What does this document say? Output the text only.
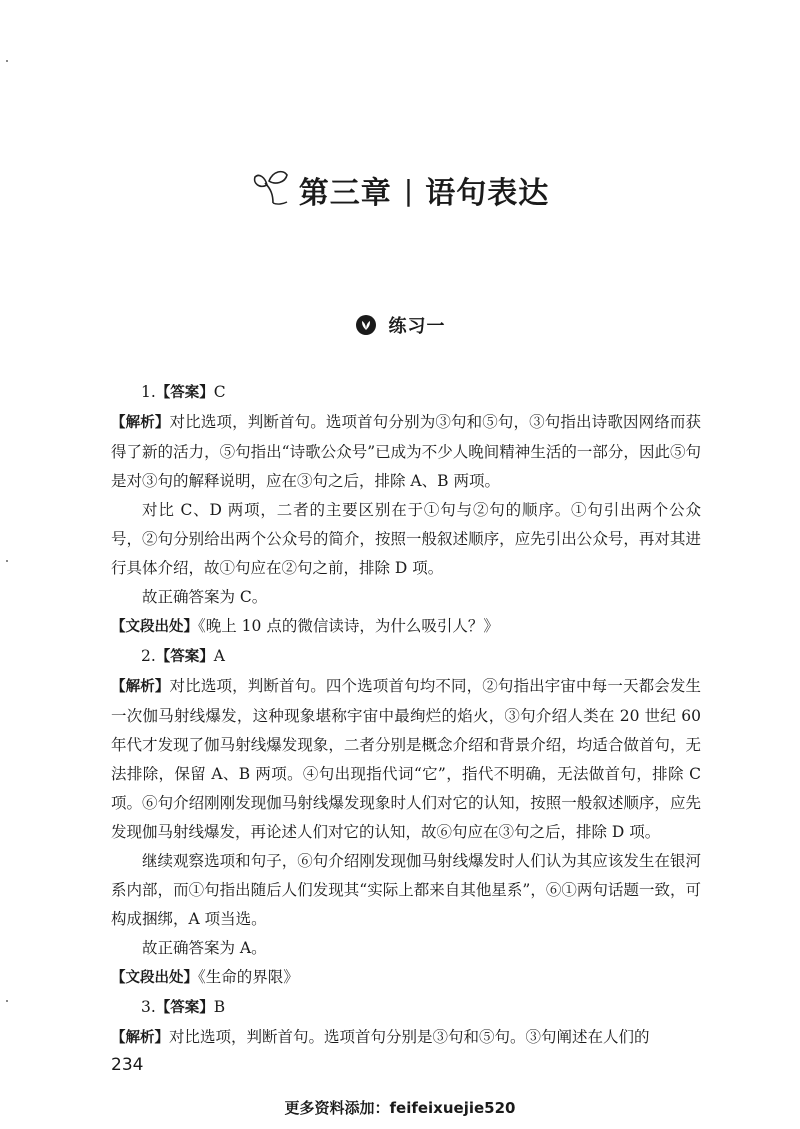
第三章 | 语句表达
练习一

1.【答案】C

【解析】对比选项，判断首句。选项首句分别为③句和⑤句，③句指出诗歌因网络而获得了新的活力，⑤句指出“诗歌公众号”已成为不少人晚间精神生活的一部分，因此⑤句是对③句的解释说明，应在③句之后，排除 A、B 两项。

对比 C、D 两项，二者的主要区别在于①句与②句的顺序。①句引出两个公众号，②句分别给出两个公众号的简介，按照一般叙述顺序，应先引出公众号，再对其进行具体介绍，故①句应在②句之前，排除 D 项。

故正确答案为 C。

【文段出处】《晚上 10 点的微信读诗，为什么吸引人？》

2.【答案】A

【解析】对比选项，判断首句。四个选项首句均不同，②句指出宇宙中每一天都会发生一次伽马射线爆发，这种现象堪称宇宙中最绚烂的焰火，③句介绍人类在 20 世纪 60 年代才发现了伽马射线爆发现象，二者分别是概念介绍和背景介绍，均适合做首句，无法排除，保留 A、B 两项。④句出现指代词“它”，指代不明确，无法做首句，排除 C 项。⑥句介绍刚刚发现伽马射线爆发现象时人们对它的认知，按照一般叙述顺序，应先发现伽马射线爆发，再论述人们对它的认知，故⑥句应在③句之后，排除 D 项。

继续观察选项和句子，⑥句介绍刚发现伽马射线爆发时人们认为其应该发生在银河系内部，而①句指出随后人们发现其“实际上都来自其他星系”，⑥①两句话题一致，可构成捆绑，A 项当选。

故正确答案为 A。

【文段出处】《生命的界限》

3.【答案】B

【解析】对比选项，判断首句。选项首句分别是③句和⑤句。③句阐述在人们的

234
更多资料添加：feifeixuejie520
